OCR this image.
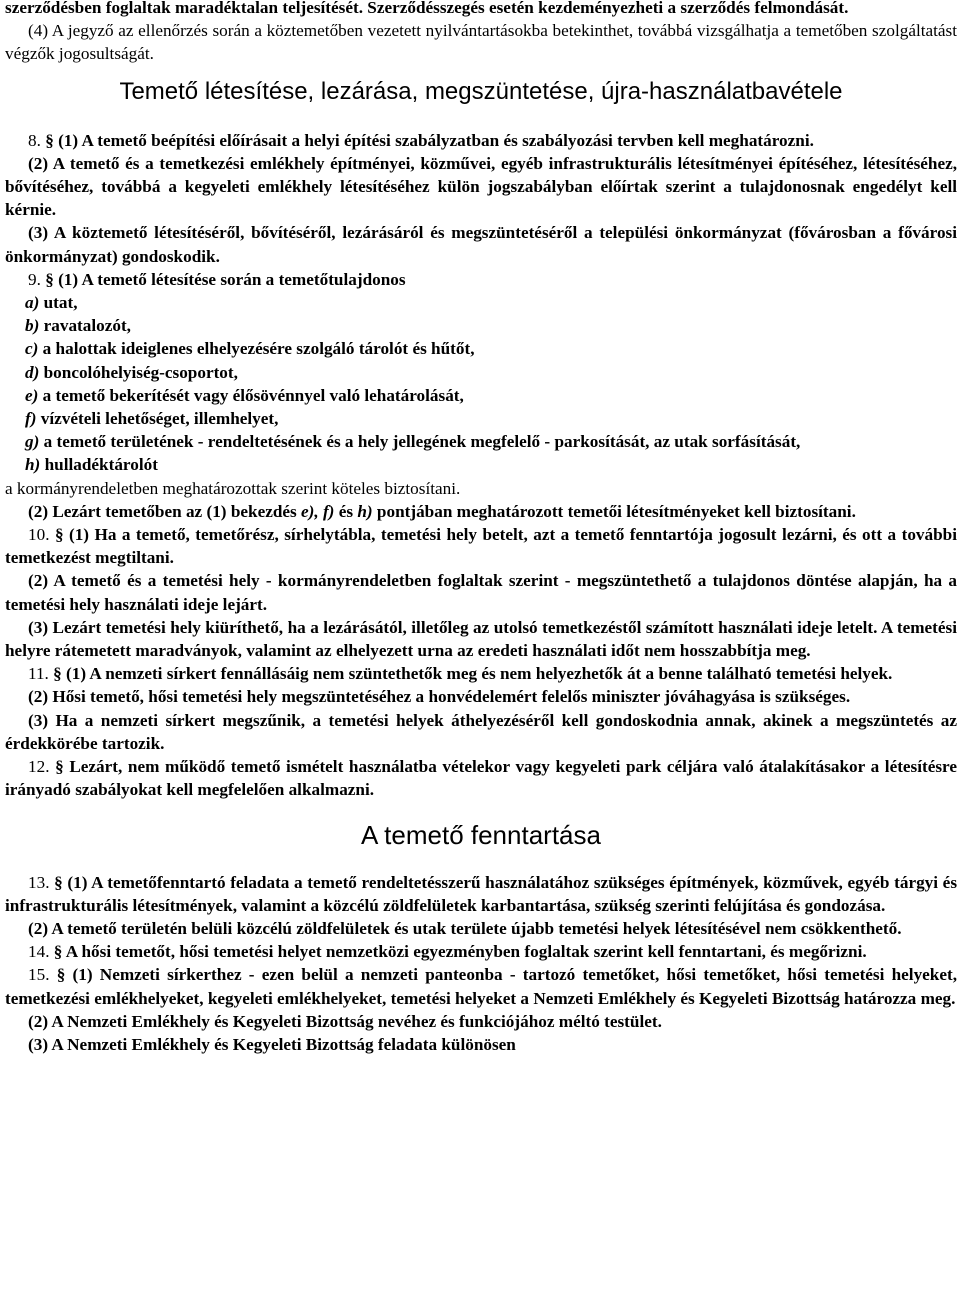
szerződésben foglaltak maradéktalan teljesítését. Szerződésszegés esetén kezdeményezheti a szerződés felmondását.

(4) A jegyző az ellenőrzés során a köztemetőben vezetett nyilvántartásokba betekinthet, továbbá vizsgálhatja a temetőben szolgáltatást végzők jogosultságát.

Temető létesítése, lezárása, megszüntetése, újra-használatbavétele

8. § (1) A temető beépítési előírásait a helyi építési szabályzatban és szabályozási tervben kell meghatározni.

(2) A temető és a temetkezési emlékhely építményei, közművei, egyéb infrastrukturális létesítményei építéséhez, létesítéséhez, bővítéséhez, továbbá a kegyeleti emlékhely létesítéséhez külön jogszabályban előírtak szerint a tulajdonosnak engedélyt kell kérnie.

(3) A köztemető létesítéséről, bővítéséről, lezárásáról és megszüntetéséről a települési önkormányzat (fővárosban a fővárosi önkormányzat) gondoskodik.

9. § (1) A temető létesítése során a temetőtulajdonos

a) utat,

b) ravatalozót,

c) a halottak ideiglenes elhelyezésére szolgáló tárolót és hűtőt,

d) boncolóhelyiség-csoportot,

e) a temető bekerítését vagy élősövénnyel való lehatárolását,

f) vízvételi lehetőséget, illemhelyet,

g) a temető területének - rendeltetésének és a hely jellegének megfelelő - parkosítását, az utak sorfásítását,

h) hulladéktárolót

a kormányrendeletben meghatározottak szerint köteles biztosítani.

(2) Lezárt temetőben az (1) bekezdés e), f) és h) pontjában meghatározott temetői létesítményeket kell biztosítani.

10. § (1) Ha a temető, temetőrész, sírhelytábla, temetési hely betelt, azt a temető fenntartója jogosult lezárni, és ott a további temetkezést megtiltani.

(2) A temető és a temetési hely - kormányrendeletben foglaltak szerint - megszüntethető a tulajdonos döntése alapján, ha a temetési hely használati ideje lejárt.

(3) Lezárt temetési hely kiüríthető, ha a lezárásától, illetőleg az utolsó temetkezéstől számított használati ideje letelt. A temetési helyre rátemetett maradványok, valamint az elhelyezett urna az eredeti használati időt nem hosszabbítja meg.

11. § (1) A nemzeti sírkert fennállásáig nem szüntethetők meg és nem helyezhetők át a benne található temetési helyek.

(2) Hősi temető, hősi temetési hely megszüntetéséhez a honvédelemért felelős miniszter jóváhagyása is szükséges.

(3) Ha a nemzeti sírkert megszűnik, a temetési helyek áthelyezéséről kell gondoskodnia annak, akinek a megszüntetés az érdekkörébe tartozik.

12. § Lezárt, nem működő temető ismételt használatba vételekor vagy kegyeleti park céljára való átalakításakor a létesítésre irányadó szabályokat kell megfelelően alkalmazni.

A temető fenntartása

13. § (1) A temetőfenntartó feladata a temető rendeltetésszerű használatához szükséges építmények, közművek, egyéb tárgyi és infrastrukturális létesítmények, valamint a közcélú zöldfelületek karbantartása, szükség szerinti felújítása és gondozása.

(2) A temető területén belüli közcélú zöldfelületek és utak területe újabb temetési helyek létesítésével nem csökkenthető.

14. § A hősi temetőt, hősi temetési helyet nemzetközi egyezményben foglaltak szerint kell fenntartani, és megőrizni.

15. § (1) Nemzeti sírkerthez - ezen belül a nemzeti panteonba - tartozó temetőket, hősi temetőket, hősi temetési helyeket, temetkezési emlékhelyeket, kegyeleti emlékhelyeket, temetési helyeket a Nemzeti Emlékhely és Kegyeleti Bizottság határozza meg.

(2) A Nemzeti Emlékhely és Kegyeleti Bizottság nevéhez és funkciójához méltó testület.

(3) A Nemzeti Emlékhely és Kegyeleti Bizottság feladata különösen
